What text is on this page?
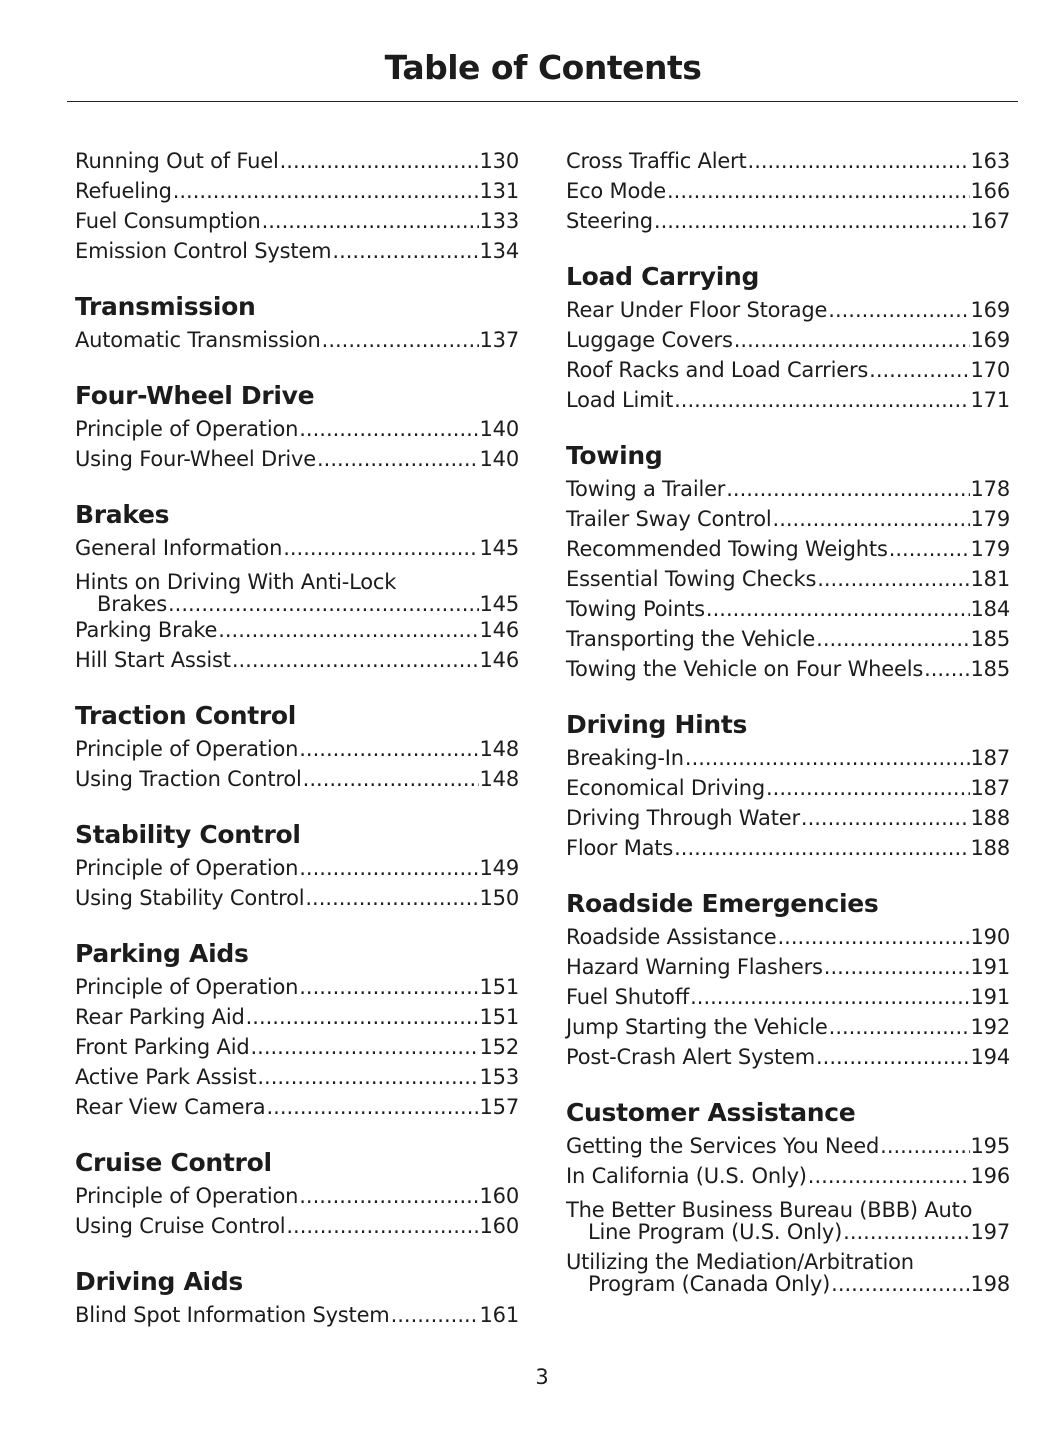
Table of Contents
Running Out of Fuel .....	130
Refueling .....	131
Fuel Consumption .....	133
Emission Control System .....	134
Transmission
Automatic Transmission .....	137
Four-Wheel Drive
Principle of Operation .....	140
Using Four-Wheel Drive .....	140
Brakes
General Information .....	145
Hints on Driving With Anti-Lock
Brakes .....	145
Parking Brake .....	146
Hill Start Assist .....	146
Traction Control
Principle of Operation .....	148
Using Traction Control .....	148
Stability Control
Principle of Operation .....	149
Using Stability Control .....	150
Parking Aids
Principle of Operation .....	151
Rear Parking Aid .....	151
Front Parking Aid .....	152
Active Park Assist .....	153
Rear View Camera .....	157
Cruise Control
Principle of Operation .....	160
Using Cruise Control .....	160
Driving Aids
Blind Spot Information System .....	161
Cross Traffic Alert .....	163
Eco Mode .....	166
Steering .....	167
Load Carrying
Rear Under Floor Storage .....	169
Luggage Covers .....	169
Roof Racks and Load Carriers .....	170
Load Limit .....	171
Towing
Towing a Trailer .....	178
Trailer Sway Control .....	179
Recommended Towing Weights .....	179
Essential Towing Checks .....	181
Towing Points .....	184
Transporting the Vehicle .....	185
Towing the Vehicle on Four Wheels ..... 185
Driving Hints
Breaking-In .....	187
Economical Driving .....	187
Driving Through Water .....	188
Floor Mats .....	188
Roadside Emergencies
Roadside Assistance .....	190
Hazard Warning Flashers .....	191
Fuel Shutoff .....	191
Jump Starting the Vehicle .....	192
Post-Crash Alert System .....	194
Customer Assistance
Getting the Services You Need .....	195
In California (U.S. Only) .....	196
The Better Business Bureau (BBB) Auto
Line Program (U.S. Only) .....	197
Utilizing the Mediation/Arbitration
Program (Canada Only) .....	198
3
